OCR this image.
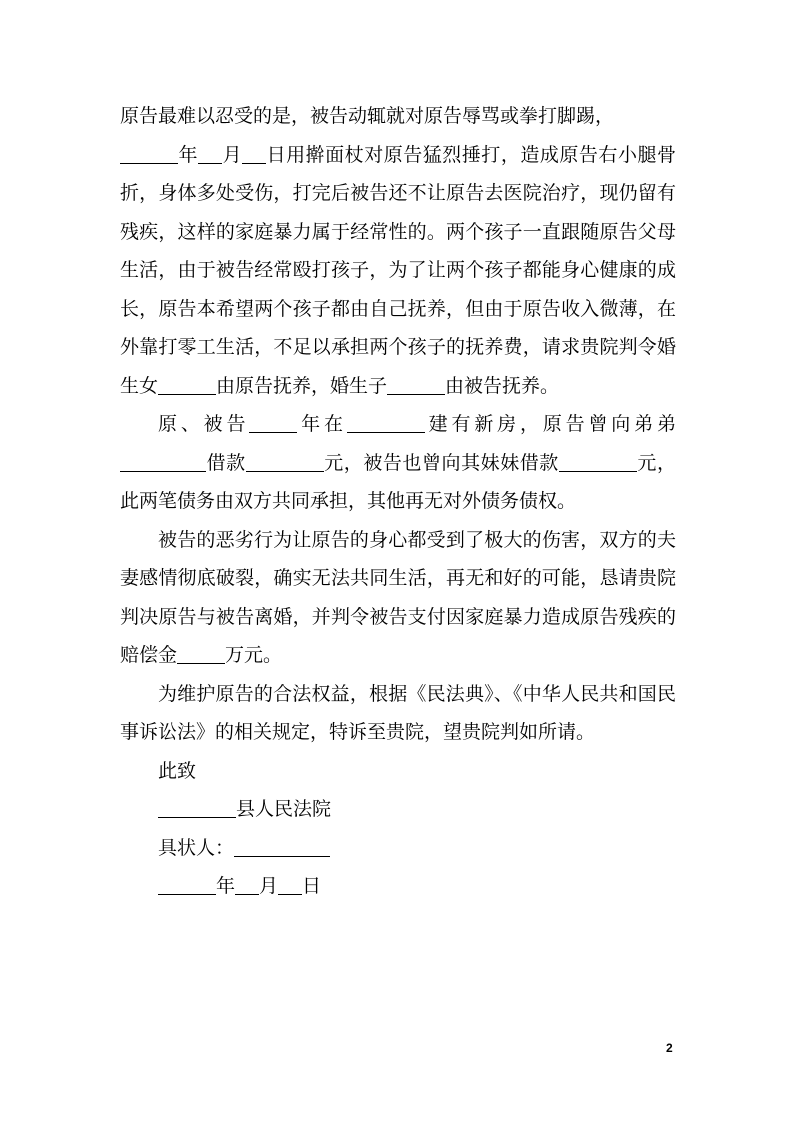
原告最难以忍受的是，被告动辄就对原告辱骂或拳打脚踢，
年 月 日用擀面杖对原告猛烈捶打，造成原告右小腿骨折，身体多处受伤，打完后被告还不让原告去医院治疗，现仍留有残疾，这样的家庭暴力属于经常性的。两个孩子一直跟随原告父母生活，由于被告经常殴打孩子，为了让两个孩子都能身心健康的成长，原告本希望两个孩子都由自己抚养，但由于原告收入微薄，在外靠打零工生活，不足以承担两个孩子的抚养费，请求贵院判令婚生女	由原告抚养，婚生子	由被告抚养。

原、被告	年在	建有新房，原告曾向弟弟借款	元，被告也曾向其妹妹借款	元，此两笔债务由双方共同承担，其他再无对外债务债权。

被告的恶劣行为让原告的身心都受到了极大的伤害，双方的夫妻感情彻底破裂，确实无法共同生活，再无和好的可能，恳请贵院判决原告与被告离婚，并判令被告支付因家庭暴力造成原告残疾的赔偿金	万元。

为维护原告的合法权益，根据《民法典》、《中华人民共和国民事诉讼法》的相关规定，特诉至贵院，望贵院判如所请。

此致

县人民法院

具状人：

年 月 日

2
